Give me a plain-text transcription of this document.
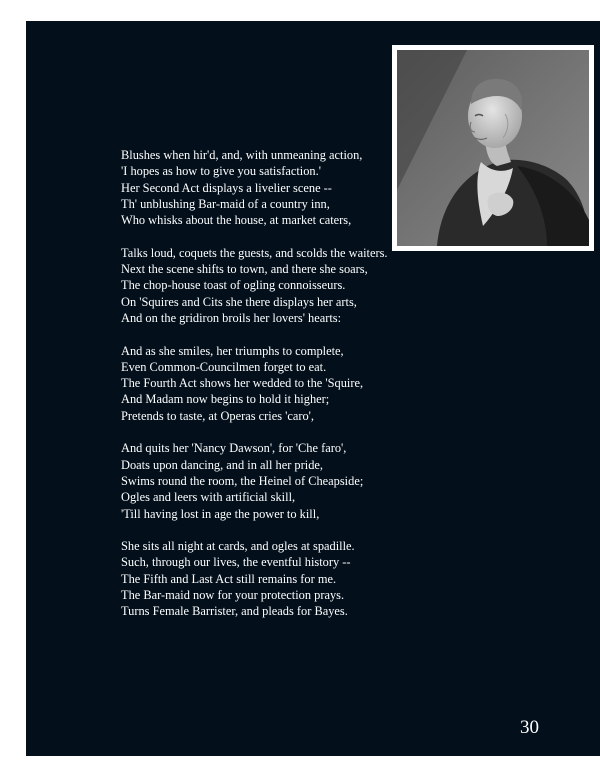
Blushes when hir'd, and, with unmeaning action,
'I hopes as how to give you satisfaction.'
Her Second Act displays a livelier scene --
Th' unblushing Bar-maid of a country inn,
Who whisks about the house, at market caters,
Talks loud, coquets the guests, and scolds the waiters.
Next the scene shifts to town, and there she soars,
The chop-house toast of ogling connoisseurs.
On 'Squires and Cits she there displays her arts,
And on the gridiron broils her lovers' hearts:
And as she smiles, her triumphs to complete,
Even Common-Councilmen forget to eat.
The Fourth Act shows her wedded to the 'Squire,
And Madam now begins to hold it higher;
Pretends to taste, at Operas cries 'caro',
And quits her 'Nancy Dawson', for 'Che faro',
Doats upon dancing, and in all her pride,
Swims round the room, the Heinel of Cheapside;
Ogles and leers with artificial skill,
'Till having lost in age the power to kill,
She sits all night at cards, and ogles at spadille.
Such, through our lives, the eventful history --
The Fifth and Last Act still remains for me.
The Bar-maid now for your protection prays.
Turns Female Barrister, and pleads for Bayes.
30
